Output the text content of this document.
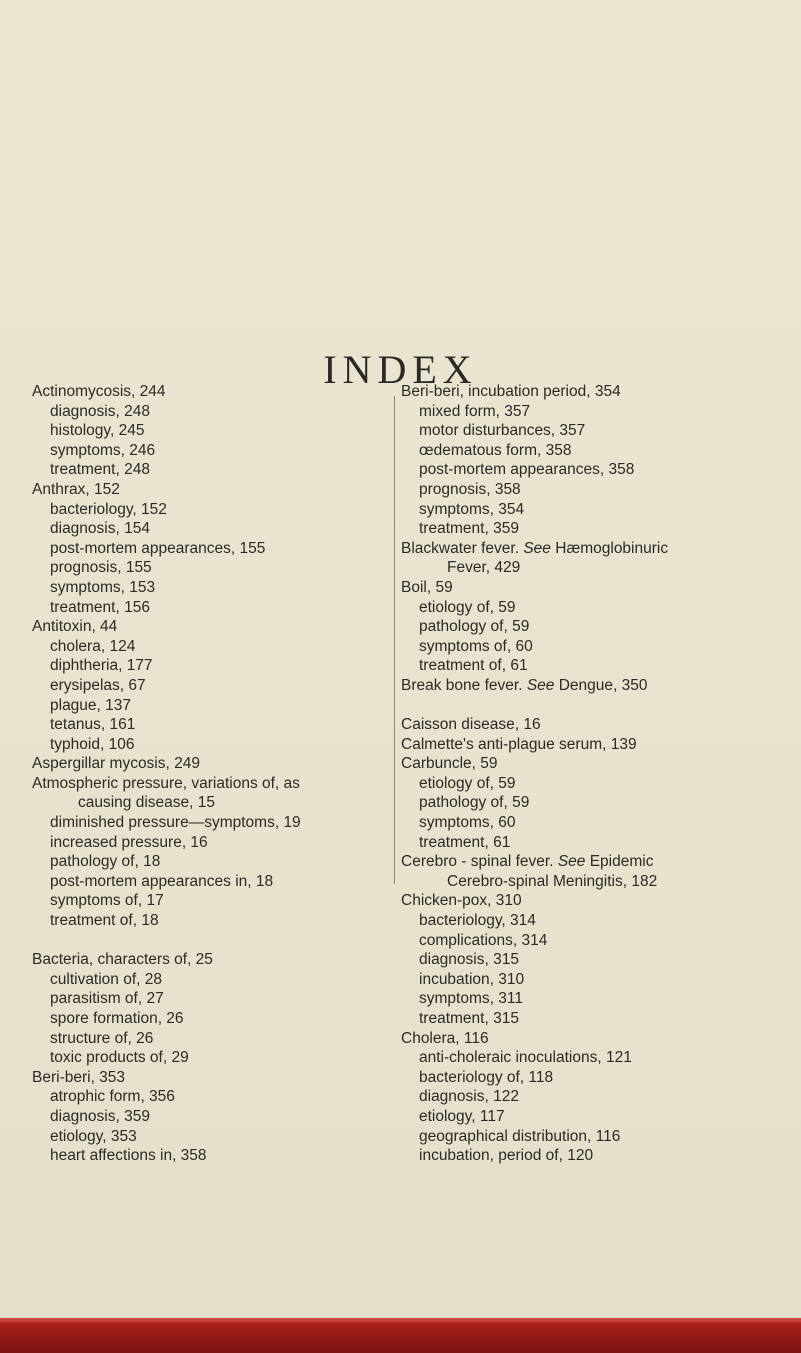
INDEX
Actinomycosis, 244
diagnosis, 248
histology, 245
symptoms, 246
treatment, 248
Anthrax, 152
bacteriology, 152
diagnosis, 154
post-mortem appearances, 155
prognosis, 155
symptoms, 153
treatment, 156
Antitoxin, 44
cholera, 124
diphtheria, 177
erysipelas, 67
plague, 137
tetanus, 161
typhoid, 106
Aspergillar mycosis, 249
Atmospheric pressure, variations of, as
causing disease, 15
diminished pressure—symptoms, 19
increased pressure, 16
pathology of, 18
post-mortem appearances in, 18
symptoms of, 17
treatment of, 18
Bacteria, characters of, 25
cultivation of, 28
parasitism of, 27
spore formation, 26
structure of, 26
toxic products of, 29
Beri-beri, 353
atrophic form, 356
diagnosis, 359
etiology, 353
heart affections in, 358
Beri-beri, incubation period, 354
mixed form, 357
motor disturbances, 357
œdematous form, 358
post-mortem appearances, 358
prognosis, 358
symptoms, 354
treatment, 359
Blackwater fever. See Hæmoglobinuric
Fever, 429
Boil, 59
etiology of, 59
pathology of, 59
symptoms of, 60
treatment of, 61
Break bone fever. See Dengue, 350
Caisson disease, 16
Calmette's anti-plague serum, 139
Carbuncle, 59
etiology of, 59
pathology of, 59
symptoms, 60
treatment, 61
Cerebro - spinal fever. See Epidemic
Cerebro-spinal Meningitis, 182
Chicken-pox, 310
bacteriology, 314
complications, 314
diagnosis, 315
incubation, 310
symptoms, 311
treatment, 315
Cholera, 116
anti-choleraic inoculations, 121
bacteriology of, 118
diagnosis, 122
etiology, 117
geographical distribution, 116
incubation, period of, 120
